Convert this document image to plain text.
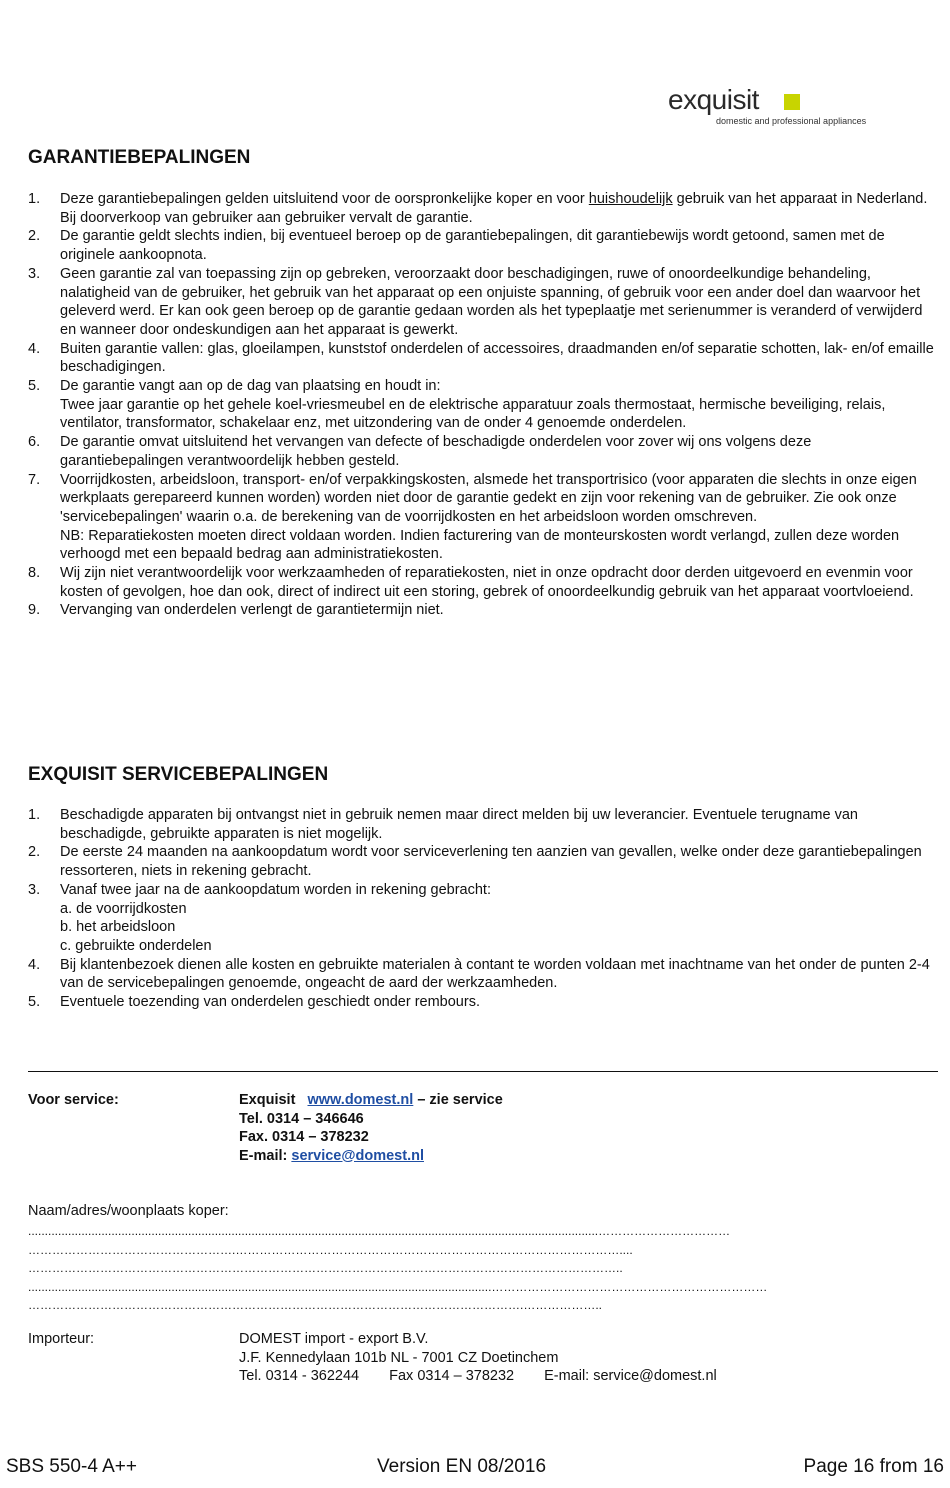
exquisit
domestic and professional appliances
GARANTIEBEPALINGEN
1. Deze garantiebepalingen gelden uitsluitend voor de oorspronkelijke koper en voor huishoudelijk gebruik van het apparaat in Nederland. Bij doorverkoop van gebruiker aan gebruiker vervalt de garantie.
2. De garantie geldt slechts indien, bij eventueel beroep op de garantiebepalingen, dit garantiebewijs wordt getoond, samen met de originele aankoopnota.
3. Geen garantie zal van toepassing zijn op gebreken, veroorzaakt door beschadigingen, ruwe of onoordeelkundige behandeling, nalatigheid van de gebruiker, het gebruik van het apparaat op een onjuiste spanning, of gebruik voor een ander doel dan waarvoor het geleverd werd. Er kan ook geen beroep op de garantie gedaan worden als het typeplaatje met serienummer is veranderd of verwijderd en wanneer door ondeskundigen aan het apparaat is gewerkt.
4. Buiten garantie vallen: glas, gloeilampen, kunststof onderdelen of accessoires, draadmanden en/of separatie schotten, lak- en/of emaille beschadigingen.
5. De garantie vangt aan op de dag van plaatsing en houdt in:
Twee jaar garantie op het gehele koel-vriesmeubel en de elektrische apparatuur zoals thermostaat, hermische beveiliging, relais, ventilator, transformator, schakelaar enz, met uitzondering van de onder 4 genoemde onderdelen.
6. De garantie omvat uitsluitend het vervangen van defecte of beschadigde onderdelen voor zover wij ons volgens deze garantiebepalingen verantwoordelijk hebben gesteld.
7. Voorrijdkosten, arbeidsloon, transport- en/of verpakkingskosten, alsmede het transportrisico (voor apparaten die slechts in onze eigen werkplaats gerepareerd kunnen worden) worden niet door de garantie gedekt en zijn voor rekening van de gebruiker. Zie ook onze 'servicebepalingen' waarin o.a. de berekening van de voorrijdkosten en het arbeidsloon worden omschreven.
NB: Reparatiekosten moeten direct voldaan worden. Indien facturering van de monteurskosten wordt verlangd, zullen deze worden verhoogd met een bepaald bedrag aan administratiekosten.
8. Wij zijn niet verantwoordelijk voor werkzaamheden of reparatiekosten, niet in onze opdracht door derden uitgevoerd en evenmin voor kosten of gevolgen, hoe dan ook, direct of indirect uit een storing, gebrek of onoordeelkundig gebruik van het apparaat voortvloeiend.
9. Vervanging van onderdelen verlengt de garantietermijn niet.
EXQUISIT SERVICEBEPALINGEN
1. Beschadigde apparaten bij ontvangst niet in gebruik nemen maar direct melden bij uw leverancier. Eventuele terugname van beschadigde, gebruikte apparaten is niet mogelijk.
2. De eerste 24 maanden na aankoopdatum wordt voor serviceverlening ten aanzien van gevallen, welke onder deze garantiebepalingen ressorteren, niets in rekening gebracht.
3. Vanaf twee jaar na de aankoopdatum worden in rekening gebracht:
a. de voorrijdkosten
b. het arbeidsloon
c. gebruikte onderdelen
4. Bij klantenbezoek dienen alle kosten en gebruikte materialen à contant te worden voldaan met inachtname van het onder de punten 2-4 van de servicebepalingen genoemde, ongeacht de aard der werkzaamheden.
5. Eventuele toezending van onderdelen geschiedt onder rembours.
Voor service:	Exquisit www.domest.nl – zie service
Tel. 0314 – 346646
Fax. 0314 – 378232
E-mail: service@domest.nl
Naam/adres/woonplaats koper:
...........................................................................................................................................................................……………………………
…………………………………………….……………………………………………………………………………………....
…………………………………………………………………………………………………………………………………..
...........................................................................................................................................……………………………………………………………
…………………………………………………………………………………………………………….………………..
Importeur:	DOMEST import - export B.V.
J.F. Kennedylaan 101b NL - 7001 CZ Doetinchem
Tel. 0314 - 362244 Fax 0314 – 378232 E-mail: service@domest.nl
SBS 550-4 A++	Version EN 08/2016	Page 16 from 16
